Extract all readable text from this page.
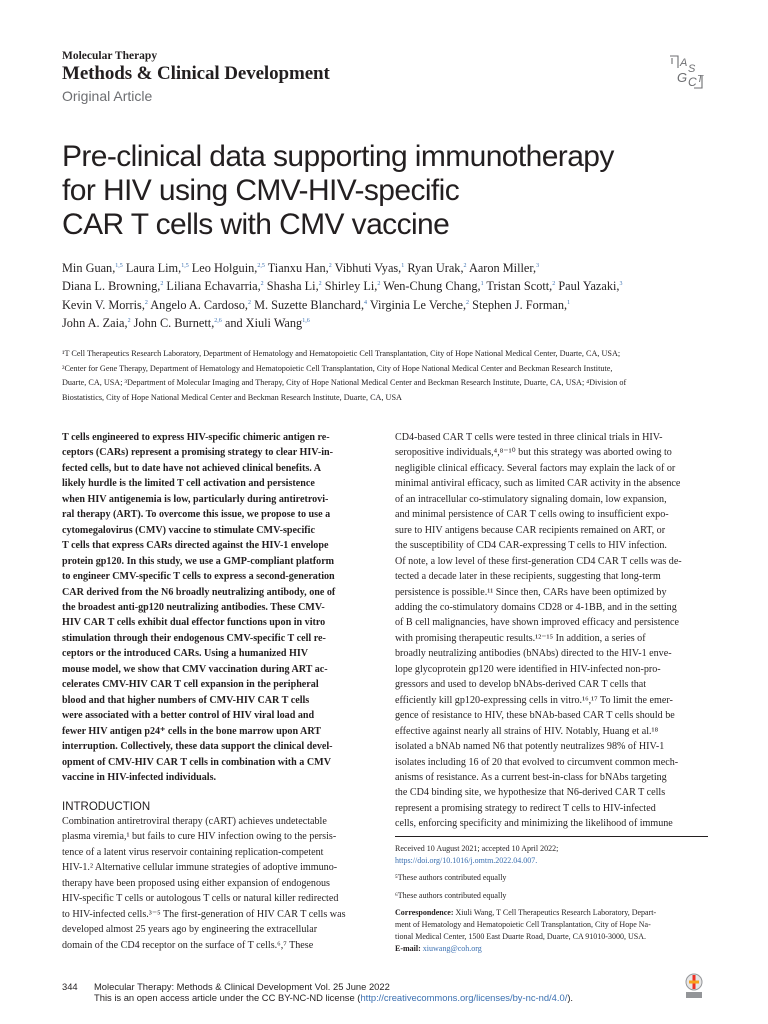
Molecular Therapy
Methods & Clinical Development
Original Article
A S
G C T
Pre-clinical data supporting immunotherapy
for HIV using CMV-HIV-specific
CAR T cells with CMV vaccine
Min Guan,$^{1,5}$ Laura Lim,$^{1,5}$ Leo Holguin,$^{2,5}$ Tianxu Han,$^2$ Vibhuti Vyas,$^1$ Ryan Urak,$^2$ Aaron Miller,$^3$
Diana L. Browning,$^2$ Liliana Echavarria,$^2$ Shasha Li,$^2$ Shirley Li,$^2$ Wen-Chung Chang,$^1$ Tristan Scott,$^2$ Paul Yazaki,$^3$
Kevin V. Morris,$^2$ Angelo A. Cardoso,$^2$ M. Suzette Blanchard,$^4$ Virginia Le Verche,$^2$ Stephen J. Forman,$^1$
John A. Zaia,$^2$ John C. Burnett,$^{2,6}$ and Xiuli Wang$^{1,6}$
¹T Cell Therapeutics Research Laboratory, Department of Hematology and Hematopoietic Cell Transplantation, City of Hope National Medical Center, Duarte, CA, USA;
²Center for Gene Therapy, Department of Hematology and Hematopoietic Cell Transplantation, City of Hope National Medical Center and Beckman Research Institute,
Duarte, CA, USA; ³Department of Molecular Imaging and Therapy, City of Hope National Medical Center and Beckman Research Institute, Duarte, CA, USA; ⁴Division of
Biostatistics, City of Hope National Medical Center and Beckman Research Institute, Duarte, CA, USA
T cells engineered to express HIV-specific chimeric antigen re-
ceptors (CARs) represent a promising strategy to clear HIV-in-
fected cells, but to date have not achieved clinical benefits. A
likely hurdle is the limited T cell activation and persistence
when HIV antigenemia is low, particularly during antiretrovi-
ral therapy (ART). To overcome this issue, we propose to use a
cytomegalovirus (CMV) vaccine to stimulate CMV-specific
T cells that express CARs directed against the HIV-1 envelope
protein gp120. In this study, we use a GMP-compliant platform
to engineer CMV-specific T cells to express a second-generation
CAR derived from the N6 broadly neutralizing antibody, one of
the broadest anti-gp120 neutralizing antibodies. These CMV-
HIV CAR T cells exhibit dual effector functions upon in vitro
stimulation through their endogenous CMV-specific T cell re-
ceptors or the introduced CARs. Using a humanized HIV
mouse model, we show that CMV vaccination during ART ac-
celerates CMV-HIV CAR T cell expansion in the peripheral
blood and that higher numbers of CMV-HIV CAR T cells
were associated with a better control of HIV viral load and
fewer HIV antigen p24⁺ cells in the bone marrow upon ART
interruption. Collectively, these data support the clinical devel-
opment of CMV-HIV CAR T cells in combination with a CMV
vaccine in HIV-infected individuals.
INTRODUCTION
Combination antiretroviral therapy (cART) achieves undetectable
plasma viremia,¹ but fails to cure HIV infection owing to the persis-
tence of a latent virus reservoir containing replication-competent
HIV-1.² Alternative cellular immune strategies of adoptive immuno-
therapy have been proposed using either expansion of endogenous
HIV-specific T cells or autologous T cells or natural killer redirected
to HIV-infected cells.³⁻⁵ The first-generation of HIV CAR T cells was
developed almost 25 years ago by engineering the extracellular
domain of the CD4 receptor on the surface of T cells.⁶,⁷ These
CD4-based CAR T cells were tested in three clinical trials in HIV-
seropositive individuals,⁴,⁸⁻¹⁰ but this strategy was aborted owing to
negligible clinical efficacy. Several factors may explain the lack of or
minimal antiviral efficacy, such as limited CAR activity in the absence
of an intracellular co-stimulatory signaling domain, low expansion,
and minimal persistence of CAR T cells owing to insufficient expo-
sure to HIV antigens because CAR recipients remained on ART, or
the susceptibility of CD4 CAR-expressing T cells to HIV infection.
Of note, a low level of these first-generation CD4 CAR T cells was de-
tected a decade later in these recipients, suggesting that long-term
persistence is possible.¹¹ Since then, CARs have been optimized by
adding the co-stimulatory domains CD28 or 4-1BB, and in the setting
of B cell malignancies, have shown improved efficacy and persistence
with promising therapeutic results.¹²⁻¹⁵ In addition, a series of
broadly neutralizing antibodies (bNAbs) directed to the HIV-1 enve-
lope glycoprotein gp120 were identified in HIV-infected non-pro-
gressors and used to develop bNAbs-derived CAR T cells that
efficiently kill gp120-expressing cells in vitro.¹⁶,¹⁷ To limit the emer-
gence of resistance to HIV, these bNAb-based CAR T cells should be
effective against nearly all strains of HIV. Notably, Huang et al.¹⁸
isolated a bNAb named N6 that potently neutralizes 98% of HIV-1
isolates including 16 of 20 that evolved to circumvent common mech-
anisms of resistance. As a current best-in-class for bNAbs targeting
the CD4 binding site, we hypothesize that N6-derived CAR T cells
represent a promising strategy to redirect T cells to HIV-infected
cells, enforcing specificity and minimizing the likelihood of immune
Received 10 August 2021; accepted 10 April 2022;
https://doi.org/10.1016/j.omtm.2022.04.007.
⁵These authors contributed equally
⁶These authors contributed equally
Correspondence: Xiuli Wang, T Cell Therapeutics Research Laboratory, Depart-
ment of Hematology and Hematopoietic Cell Transplantation, City of Hope Na-
tional Medical Center, 1500 East Duarte Road, Duarte, CA 91010-3000, USA.
E-mail: xiuwang@coh.org
344 Molecular Therapy: Methods & Clinical Development Vol. 25 June 2022
This is an open access article under the CC BY-NC-ND license (http://creativecommons.org/licenses/by-nc-nd/4.0/).
